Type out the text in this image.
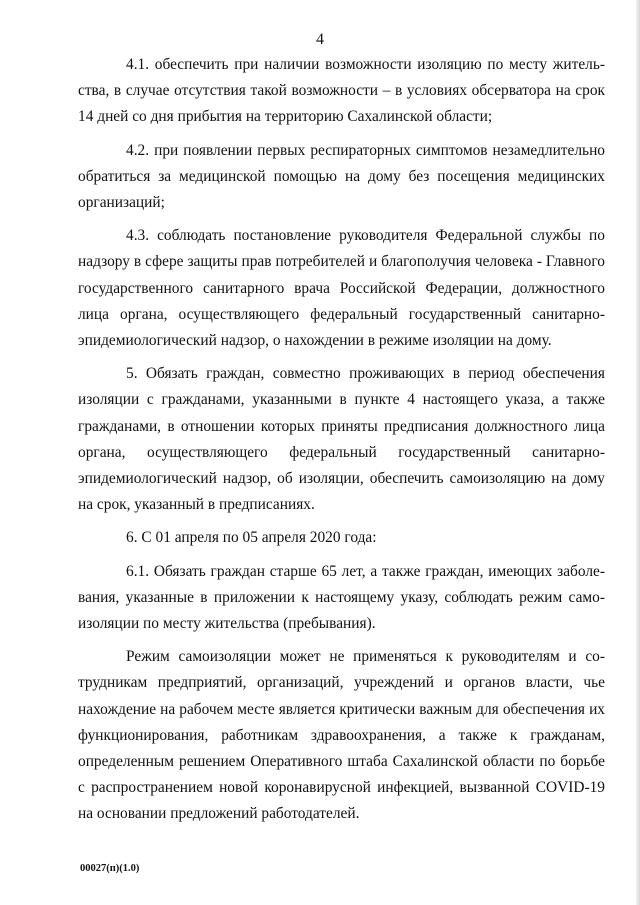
4

4.1. обеспечить при наличии возможности изоляцию по месту жительства, в случае отсутствия такой возможности – в условиях обсерватора на срок 14 дней со дня прибытия на территорию Сахалинской области;

4.2. при появлении первых респираторных симптомов незамедлительно обратиться за медицинской помощью на дому без посещения медицинских организаций;

4.3. соблюдать постановление руководителя Федеральной службы по надзору в сфере защиты прав потребителей и благополучия человека - Главного государственного санитарного врача Российской Федерации, должностного лица органа, осуществляющего федеральный государственный санитарно-эпидемиологический надзор, о нахождении в режиме изоляции на дому.

5. Обязать граждан, совместно проживающих в период обеспечения изоляции с гражданами, указанными в пункте 4 настоящего указа, а также гражданами, в отношении которых приняты предписания должностного лица органа, осуществляющего федеральный государственный санитарно-эпидемиологический надзор, об изоляции, обеспечить самоизоляцию на дому на срок, указанный в предписаниях.

6. С 01 апреля по 05 апреля 2020 года:

6.1. Обязать граждан старше 65 лет, а также граждан, имеющих заболевания, указанные в приложении к настоящему указу, соблюдать режим самоизоляции по месту жительства (пребывания).

Режим самоизоляции может не применяться к руководителям и сотрудникам предприятий, организаций, учреждений и органов власти, чье нахождение на рабочем месте является критически важным для обеспечения их функционирования, работникам здравоохранения, а также к гражданам, определенным решением Оперативного штаба Сахалинской области по борьбе с распространением новой коронавирусной инфекцией, вызванной COVID-19 на основании предложений работодателей.

00027(п)(1.0)
